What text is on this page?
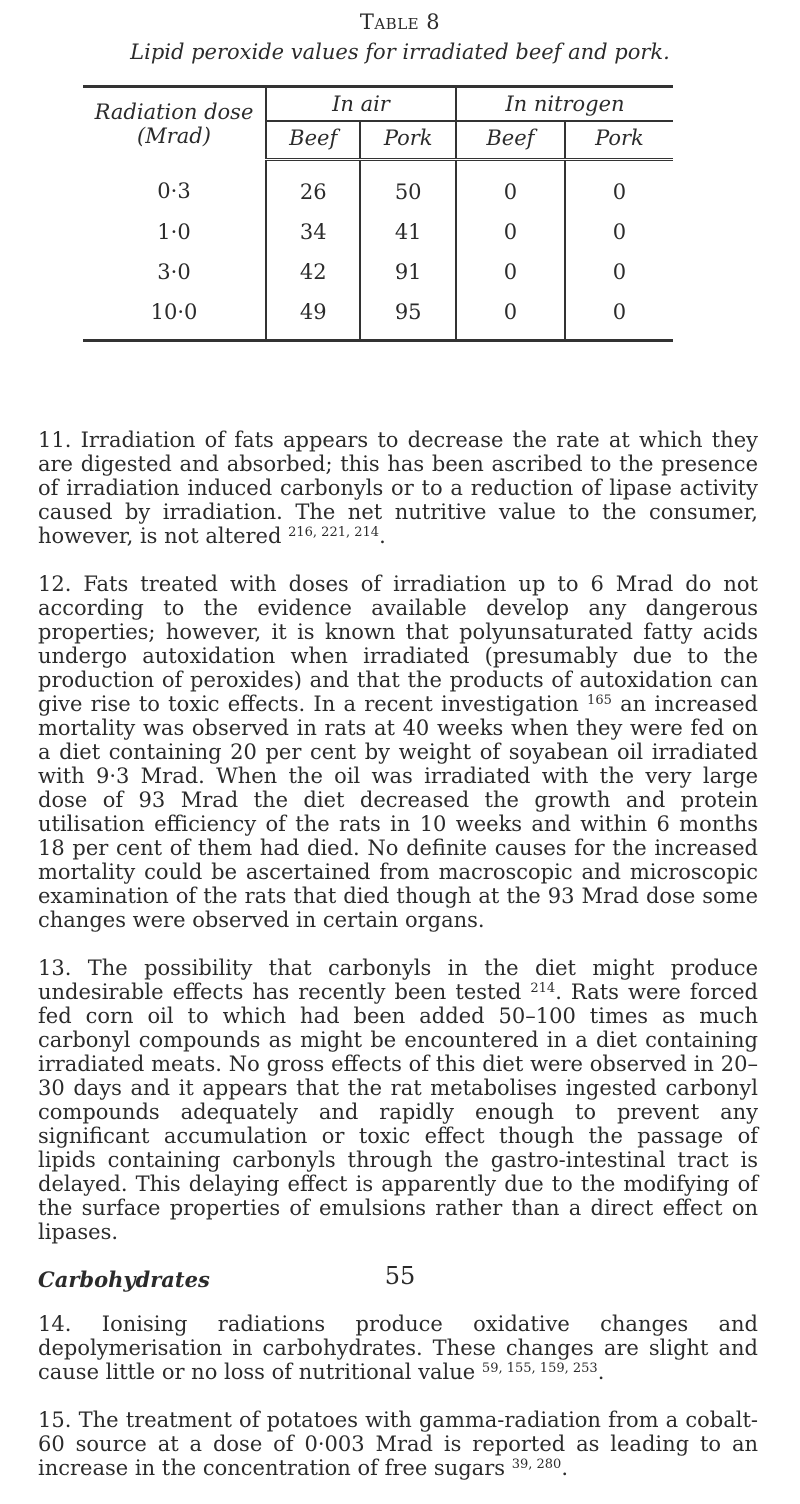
Table 8
Lipid peroxide values for irradiated beef and pork.
Radiation dose (Mrad)	In air		In nitrogen	
	Beef	Pork	Beef	Pork
0·3	26	50	0	0
1·0	34	41	0	0
3·0	42	91	0	0
10·0	49	95	0	0

11. Irradiation of fats appears to decrease the rate at which they are digested and absorbed; this has been ascribed to the presence of irradiation induced carbonyls or to a reduction of lipase activity caused by irradiation. The net nutritive value to the consumer, however, is not altered $^{216, 221, 214}$.

12. Fats treated with doses of irradiation up to 6 Mrad do not according to the evidence available develop any dangerous properties; however, it is known that polyunsaturated fatty acids undergo autoxidation when irradiated (presumably due to the production of peroxides) and that the products of autoxidation can give rise to toxic effects. In a recent investigation $^{165}$ an increased mortality was observed in rats at 40 weeks when they were fed on a diet containing 20 per cent by weight of soyabean oil irradiated with 9·3 Mrad. When the oil was irradiated with the very large dose of 93 Mrad the diet decreased the growth and protein utilisation efficiency of the rats in 10 weeks and within 6 months 18 per cent of them had died. No definite causes for the increased mortality could be ascertained from macroscopic and microscopic examination of the rats that died though at the 93 Mrad dose some changes were observed in certain organs.

13. The possibility that carbonyls in the diet might produce undesirable effects has recently been tested $^{214}$. Rats were forced fed corn oil to which had been added 50–100 times as much carbonyl compounds as might be encountered in a diet containing irradiated meats. No gross effects of this diet were observed in 20–30 days and it appears that the rat metabolises ingested carbonyl compounds adequately and rapidly enough to prevent any significant accumulation or toxic effect though the passage of lipids containing carbonyls through the gastro-intestinal tract is delayed. This delaying effect is apparently due to the modifying of the surface properties of emulsions rather than a direct effect on lipases.

Carbohydrates

14. Ionising radiations produce oxidative changes and depolymerisation in carbohydrates. These changes are slight and cause little or no loss of nutritional value $^{59, 155, 159, 253}$.

15. The treatment of potatoes with gamma-radiation from a cobalt-60 source at a dose of 0·003 Mrad is reported as leading to an increase in the concentration of free sugars $^{39, 280}$.

55
